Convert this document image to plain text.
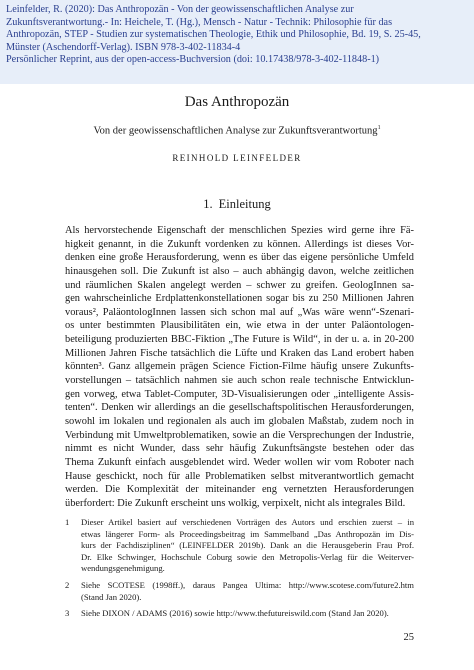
Leinfelder, R. (2020): Das Anthropozän - Von der geowissenschaftlichen Analyse zur
Zukunftsverantwortung.- In: Heichele, T. (Hg.), Mensch - Natur - Technik: Philosophie für das
Anthropozän, STEP - Studien zur systematischen Theologie, Ethik und Philosophie, Bd. 19, S. 25-45,
Münster (Aschendorff-Verlag). ISBN 978-3-402-11834-4
Persönlicher Reprint, aus der open-access-Buchversion (doi: 10.17438/978-3-402-11848-1)
Das Anthropozän
Von der geowissenschaftlichen Analyse zur Zukunftsverantwortung$^1$
REINHOLD LEINFELDER
1. Einleitung
Als hervorstechende Eigenschaft der menschlichen Spezies wird gerne ihre Fä-
higkeit genannt, in die Zukunft vordenken zu können. Allerdings ist dieses Vor-
denken eine große Herausforderung, wenn es über das eigene persönliche Umfeld
hinausgehen soll. Die Zukunft ist also – auch abhängig davon, welche zeitlichen
und räumlichen Skalen angelegt werden – schwer zu greifen. GeologInnen sa-
gen wahrscheinliche Erdplattenkonstellationen sogar bis zu 250 Millionen Jahren
voraus², PaläontologInnen lassen sich schon mal auf „Was wäre wenn“-Szenari-
os unter bestimmten Plausibilitäten ein, wie etwa in der unter Paläontologen-
beteiligung produzierten BBC-Fiktion „The Future is Wild“, in der u. a. in 20-200
Millionen Jahren Fische tatsächlich die Lüfte und Kraken das Land erobert haben
könnten³. Ganz allgemein prägen Science Fiction-Filme häufig unsere Zukunfts-
vorstellungen – tatsächlich nahmen sie auch schon reale technische Entwicklun-
gen vorweg, etwa Tablet-Computer, 3D-Visualisierungen oder „intelligente Assis-
tenten“. Denken wir allerdings an die gesellschaftspolitischen Herausforderungen,
sowohl im lokalen und regionalen als auch im globalen Maßstab, zudem noch in
Verbindung mit Umweltproblematiken, sowie an die Versprechungen der Industrie,
nimmt es nicht Wunder, dass sehr häufig Zukunftsängste bestehen oder das
Thema Zukunft einfach ausgeblendet wird. Weder wollen wir vom Roboter nach
Hause geschickt, noch für alle Problematiken selbst mitverantwortlich gemacht
werden. Die Komplexität der miteinander eng vernetzten Herausforderungen
überfordert: Die Zukunft erscheint uns wolkig, verpixelt, nicht als integrales Bild.
1 Dieser Artikel basiert auf verschiedenen Vorträgen des Autors und erschien zuerst – in
etwas längerer Form- als Proceedingsbeitrag im Sammelband „Das Anthropozän im Dis-
kurs der Fachdisziplinen“ (LEINFELDER 2019b). Dank an die Herausgeberin Frau Prof.
Dr. Elke Schwinger, Hochschule Coburg sowie den Metropolis-Verlag für die Weiterver-
wendungsgenehmigung.
2 Siehe SCOTESE (1998ff.), daraus Pangea Ultima: http://www.scotese.com/future2.htm
(Stand Jan 2020).
3 Siehe DIXON / ADAMS (2016) sowie http://www.thefutureiswild.com (Stand Jan 2020).
25
